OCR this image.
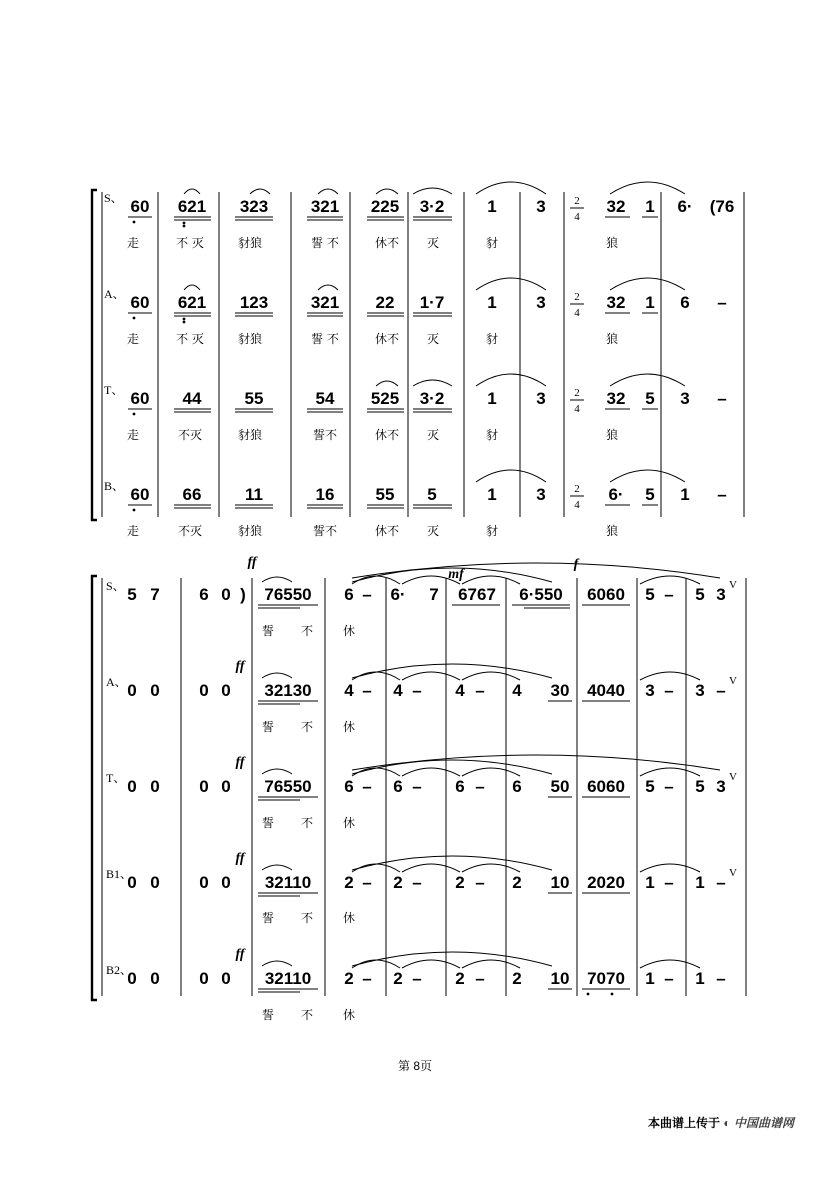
S、 60 621 323	321 225 3·2	1 3	32 1 6· (76
走	不 灭	豺狼	誓 不	休不 灭	豺	狼
2
4
A、 60 621 123	321 22 1·7	1 3	32 1 6 –
走	不 灭	豺狼	誓 不	休不 灭	豺	狼
2
4
T、 60 44	55	54 525 3·2	1 3	32 5 3 –
走	不灭	豺狼	誓不	休不 灭	豺	狼
2
4
B、 60 66	11	16 55 5	1 3	6· 5 1 –
走	不灭	豺狼	誓不	休不 灭	豺	狼
2
4
S、 5 7 6 0 76550 6 – 6· 7 6767 6·550 6060 5 – 5 3 V
誓 不 休
A、 0 0 0 0 32130 4 – 4 – 4 – 4 30 4040 3 – 3 – V
ff
誓 不 休
T、 0 0 0 0 76550 6 – 6 – 6 – 6 50 6060 5 – 5 3 V
ff
誓 不 休
B1、
0 0 0 0 32110 2 – 2 – 2 – 2 10 2020 1 – 1 – V
ff
誓 不 休
B2、
0 0 0 0 32110 2 – 2 – 2 – 2 10 7070 1 – 1 –
ff
誓 不 休
)
ff
mf
f
第 8页
本曲谱上传于 ◐ 中国曲谱网
